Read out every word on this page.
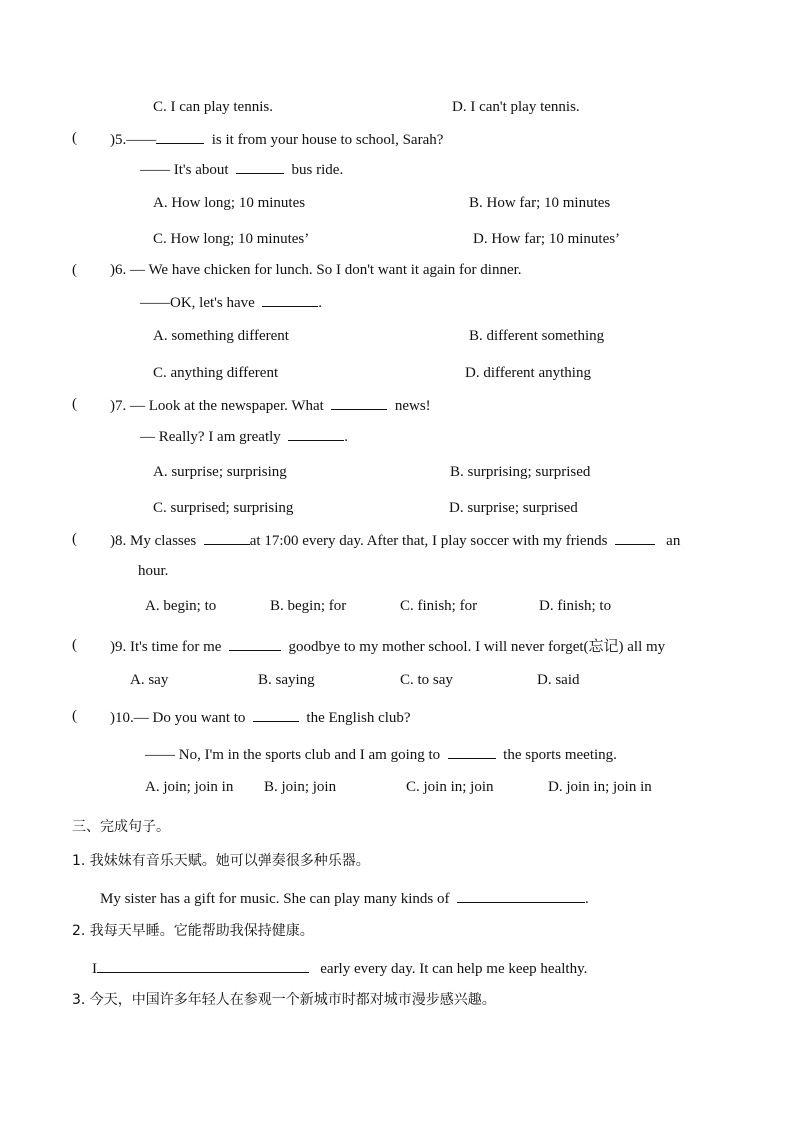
C. I can play tennis.	D. I can't play tennis.
( )5.——	is it from your house to school, Sarah?
—— It's about	bus ride.
A. How long; 10 minutes	B. How far; 10 minutes
C. How long; 10 minutes’	D. How far; 10 minutes’
( )6. — We have chicken for lunch. So I don't want it again for dinner.
——OK, let's have	.
A. something different	B. different something
C. anything different	D. different anything
( )7. — Look at the newspaper. What	news!
— Really? I am greatly	.
A. surprise; surprising	B. surprising; surprised
C. surprised; surprising	D. surprise; surprised
( )8. My classes	at 17:00 every day. After that, I play soccer with my friends	an
hour.
A. begin; to	B. begin; for	C. finish; for	D. finish; to
( )9. It's time for me	goodbye to my mother school. I will never forget(忘记) all my
A. say	B. saying	C. to say	D. said
( )10.— Do you want to	the English club?
—— No, I'm in the sports club and I am going to	the sports meeting.
A. join; join in B. join; join	C. join in; join	D. join in; join in
三、完成句子。
1. 我妹妹有音乐天赋。她可以弹奏很多种乐器。
My sister has a gift for music. She can play many kinds of	.
2. 我每天早睡。它能帮助我保持健康。
I	early every day. It can help me keep healthy.
3. 今天，中国许多年轻人在参观一个新城市时都对城市漫步感兴趣。
